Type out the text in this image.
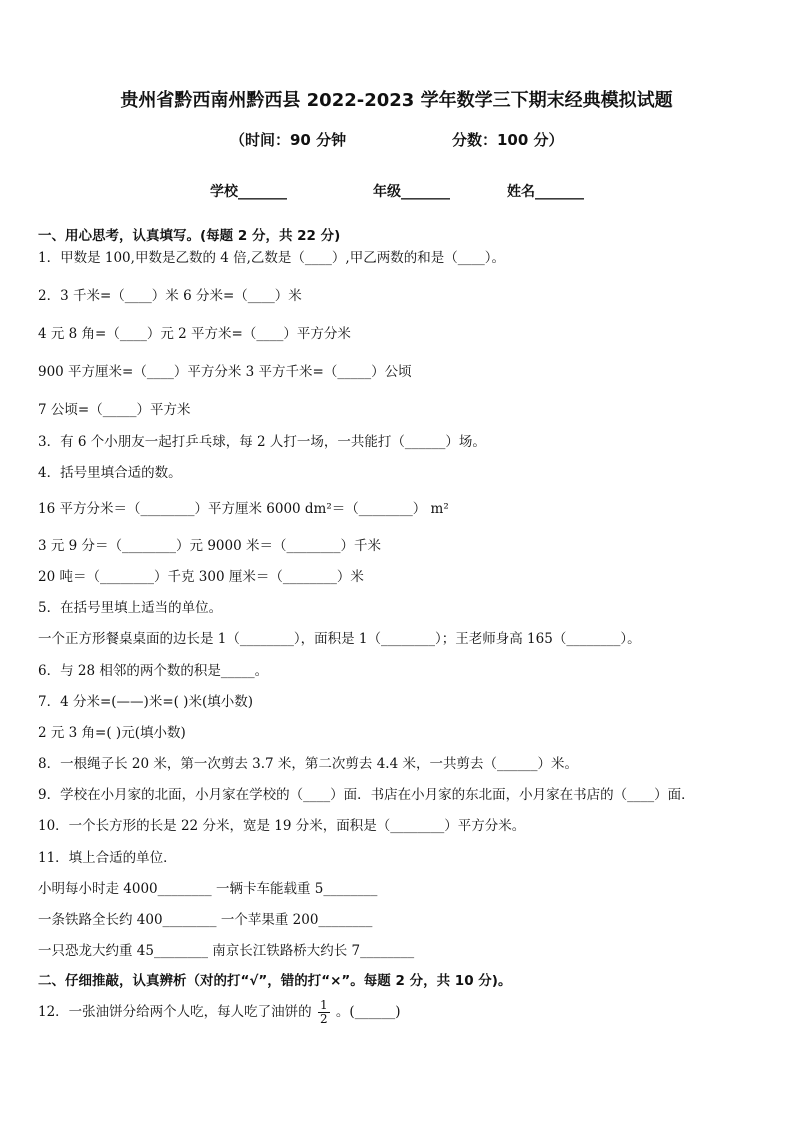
贵州省黔西南州黔西县 2022-2023 学年数学三下期末经典模拟试题
（时间：90 分钟	分数：100 分）
学校_______	年级_______	姓名_______
一、用心思考，认真填写。(每题 2 分，共 22 分)
1．甲数是 100,甲数是乙数的 4 倍,乙数是（____）,甲乙两数的和是（____）。
2．3 千米=（____）米 6 分米=（____）米
4 元 8 角=（____）元 2 平方米=（____）平方分米
900 平方厘米=（____）平方分米 3 平方千米=（_____）公顷
7 公顷=（_____）平方米
3．有 6 个小朋友一起打乒乓球，每 2 人打一场，一共能打（______）场。
4．括号里填合适的数。
16 平方分米＝（________）平方厘米 6000 dm²＝（________） m²
3 元 9 分＝（________）元 9000 米＝（________）千米
20 吨＝（________）千克 300 厘米＝（________）米
5．在括号里填上适当的单位。
一个正方形餐桌桌面的边长是 1（________），面积是 1（________）；王老师身高 165（________）。
6．与 28 相邻的两个数的积是_____。
7．4 分米=(——)米=( )米(填小数)
2 元 3 角=( )元(填小数)
8．一根绳子长 20 米，第一次剪去 3.7 米，第二次剪去 4.4 米，一共剪去（______）米。
9．学校在小月家的北面，小月家在学校的（____）面．书店在小月家的东北面，小月家在书店的（____）面．
10．一个长方形的长是 22 分米，宽是 19 分米，面积是（________）平方分米。
11．填上合适的单位．
小明每小时走 4000________ 一辆卡车能载重 5________
一条铁路全长约 400________ 一个苹果重 200________
一只恐龙大约重 45________ 南京长江铁路桥大约长 7________
二、仔细推敲，认真辨析（对的打“√”，错的打“×”。每题 2 分，共 10 分)。
12．一张油饼分给两个人吃，每人吃了油饼的 $\frac{1}{2}$ 。(______)
